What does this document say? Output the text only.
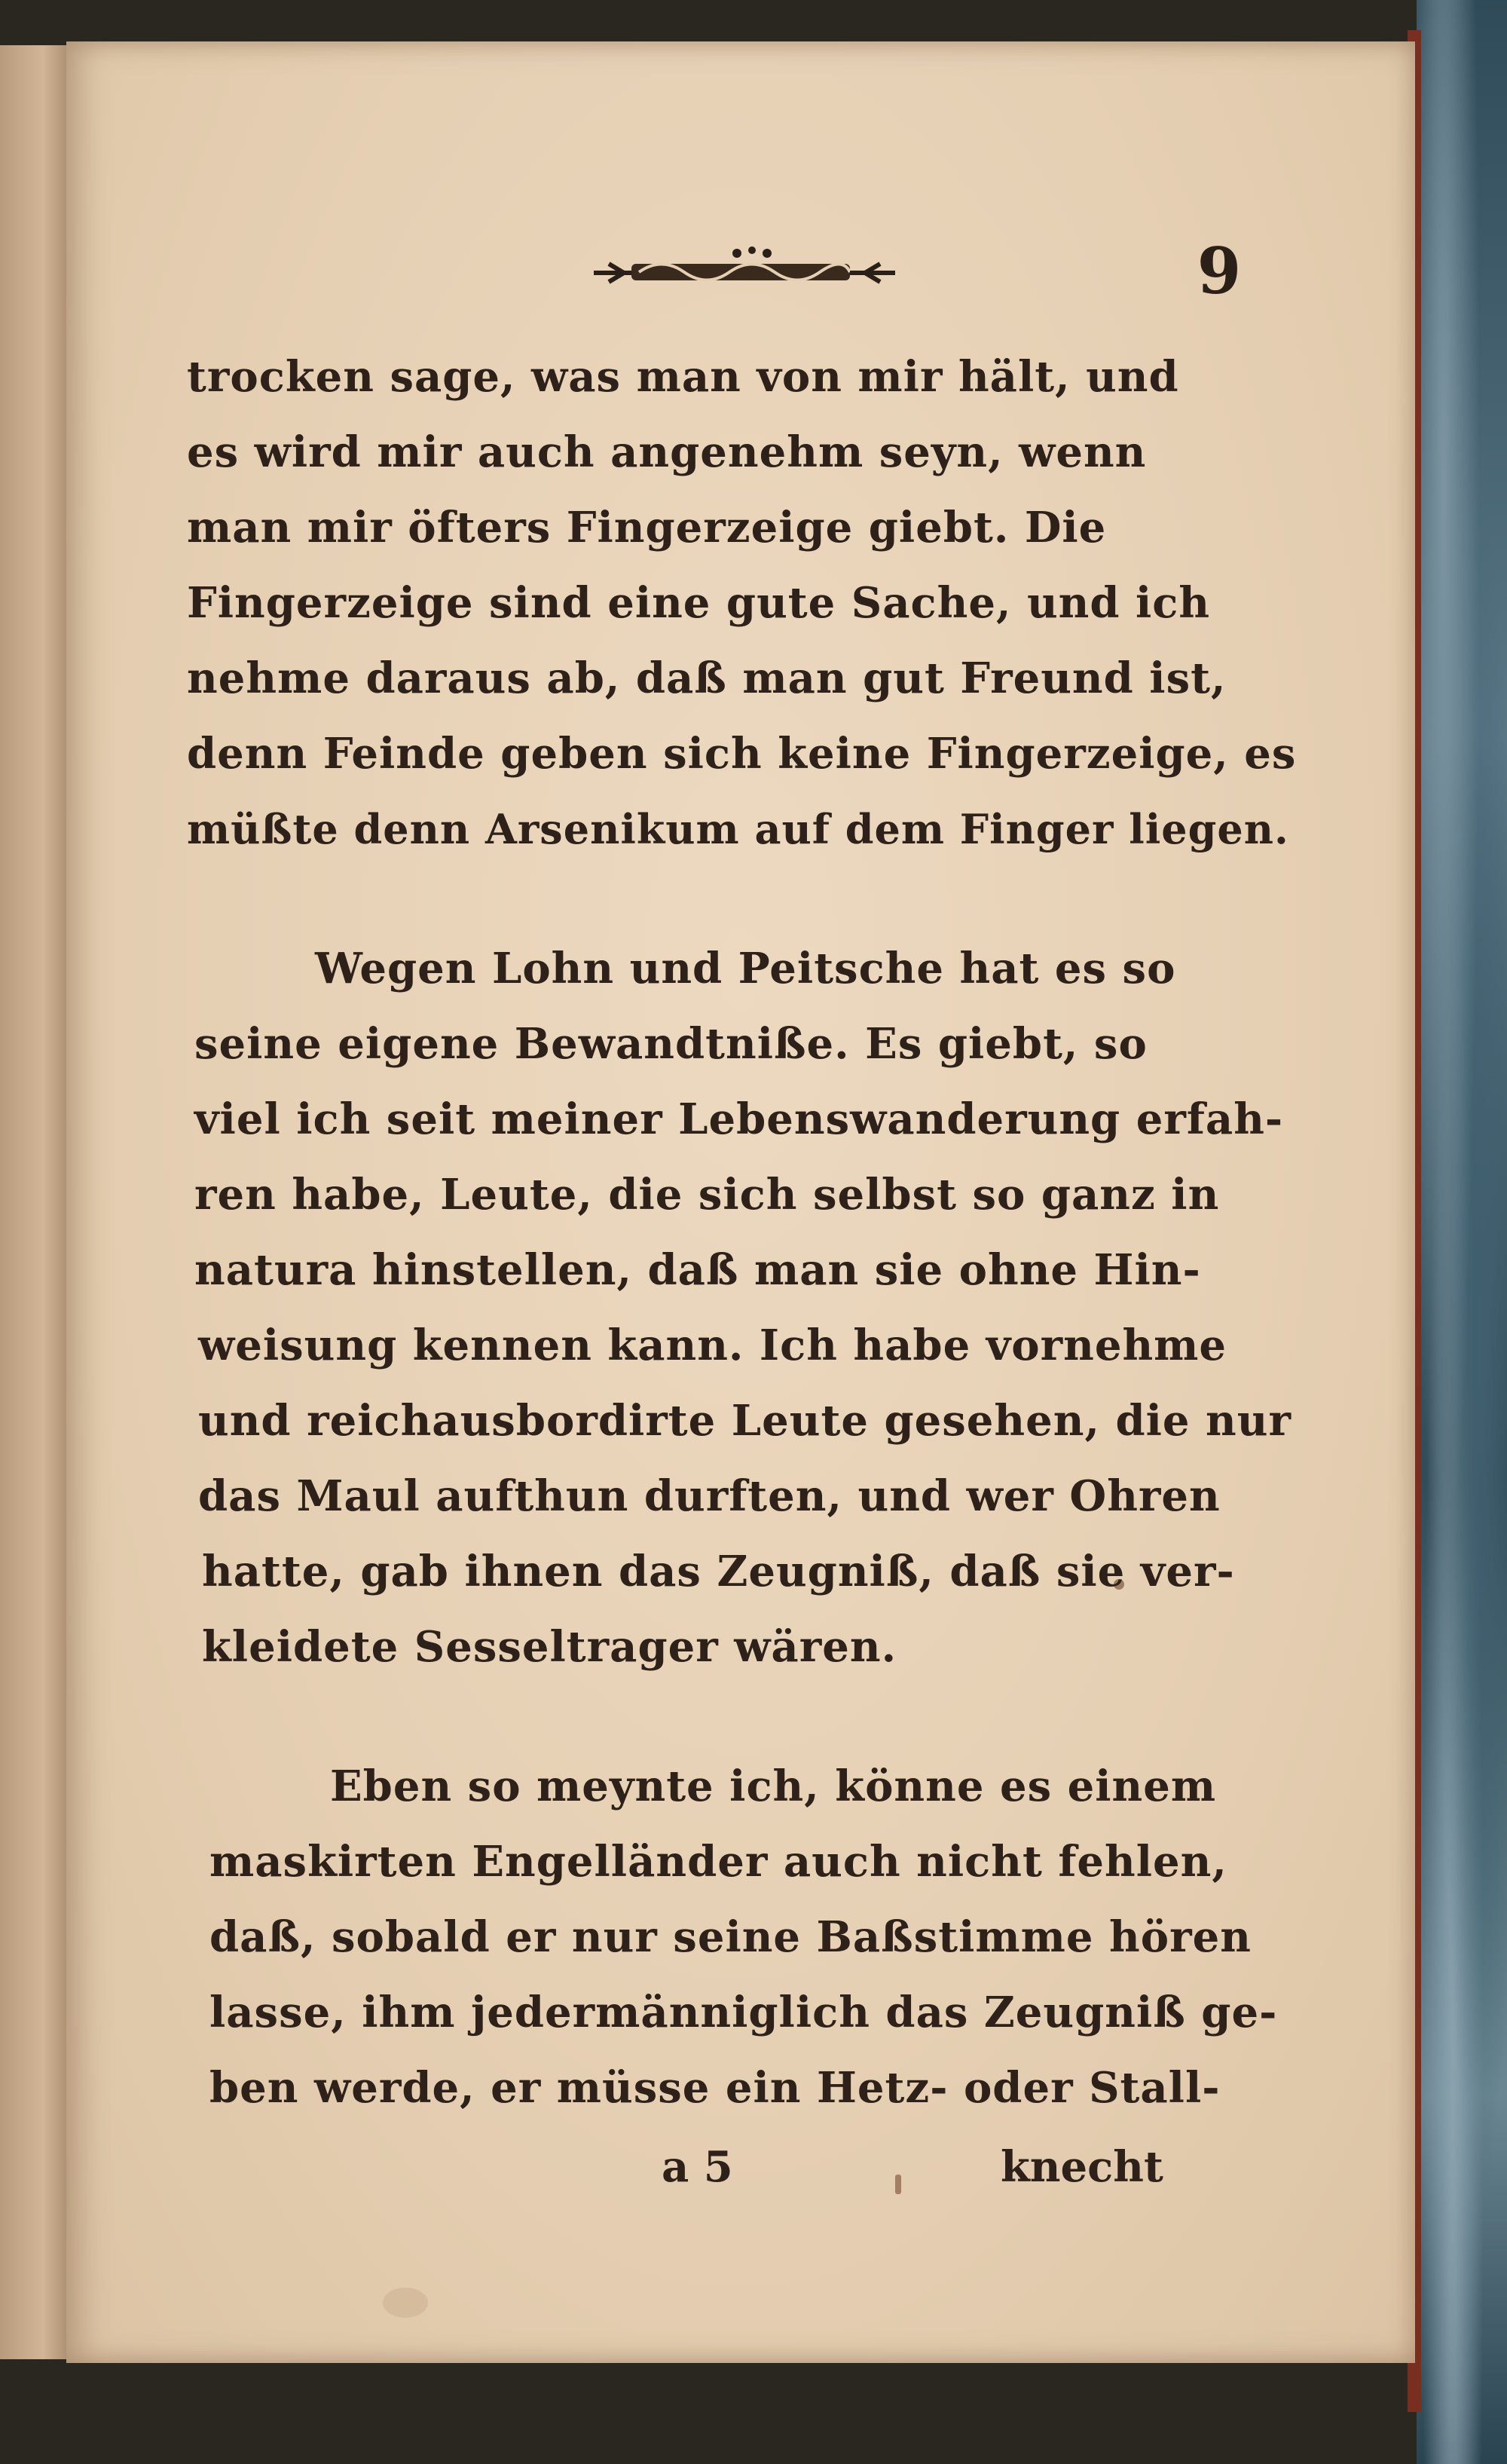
9
trocken sage, was man von mir hält, und
es wird mir auch angenehm seyn, wenn
man mir öfters Fingerzeige giebt. Die
Fingerzeige sind eine gute Sache, und ich
nehme daraus ab, daß man gut Freund ist,
denn Feinde geben sich keine Fingerzeige, es
müßte denn Arsenikum auf dem Finger liegen.
Wegen Lohn und Peitsche hat es so
seine eigene Bewandtniße. Es giebt, so
viel ich seit meiner Lebenswanderung erfah-
ren habe, Leute, die sich selbst so ganz in
natura hinstellen, daß man sie ohne Hin-
weisung kennen kann. Ich habe vornehme
und reichausbordirte Leute gesehen, die nur
das Maul aufthun durften, und wer Ohren
hatte, gab ihnen das Zeugniß, daß sie ver-
kleidete Sesseltrager wären.
Eben so meynte ich, könne es einem
maskirten Engelländer auch nicht fehlen,
daß, sobald er nur seine Baßstimme hören
lasse, ihm jedermänniglich das Zeugniß ge-
ben werde, er müsse ein Hetz- oder Stall-
a 5	knecht
